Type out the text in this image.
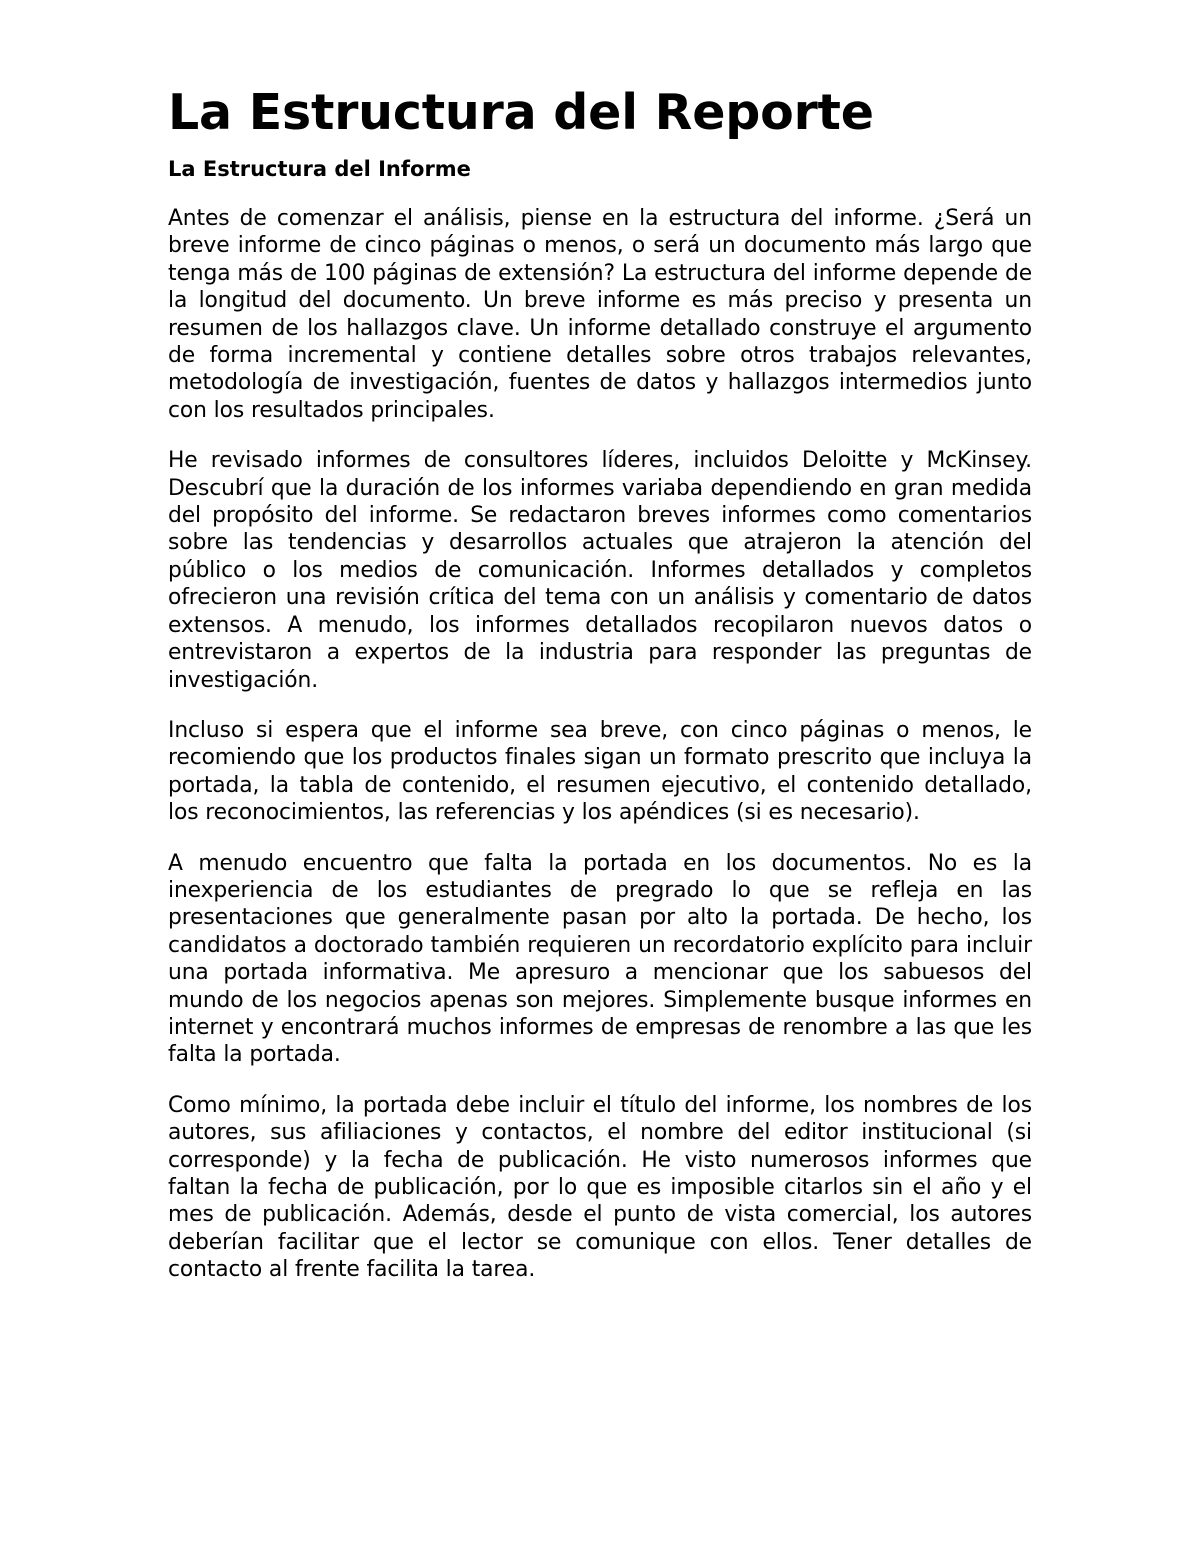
La Estructura del Reporte
La Estructura del Informe

Antes de comenzar el análisis, piense en la estructura del informe. ¿Será un breve informe de cinco páginas o menos, o será un documento más largo que tenga más de 100 páginas de extensión? La estructura del informe depende de la longitud del documento. Un breve informe es más preciso y presenta un resumen de los hallazgos clave. Un informe detallado construye el argumento de forma incremental y contiene detalles sobre otros trabajos relevantes, metodología de investigación, fuentes de datos y hallazgos intermedios junto con los resultados principales.

He revisado informes de consultores líderes, incluidos Deloitte y McKinsey. Descubrí que la duración de los informes variaba dependiendo en gran medida del propósito del informe. Se redactaron breves informes como comentarios sobre las tendencias y desarrollos actuales que atrajeron la atención del público o los medios de comunicación. Informes detallados y completos ofrecieron una revisión crítica del tema con un análisis y comentario de datos extensos. A menudo, los informes detallados recopilaron nuevos datos o entrevistaron a expertos de la industria para responder las preguntas de investigación.

Incluso si espera que el informe sea breve, con cinco páginas o menos, le recomiendo que los productos finales sigan un formato prescrito que incluya la portada, la tabla de contenido, el resumen ejecutivo, el contenido detallado, los reconocimientos, las referencias y los apéndices (si es necesario).

A menudo encuentro que falta la portada en los documentos. No es la inexperiencia de los estudiantes de pregrado lo que se refleja en las presentaciones que generalmente pasan por alto la portada. De hecho, los candidatos a doctorado también requieren un recordatorio explícito para incluir una portada informativa. Me apresuro a mencionar que los sabuesos del mundo de los negocios apenas son mejores. Simplemente busque informes en internet y encontrará muchos informes de empresas de renombre a las que les falta la portada.

Como mínimo, la portada debe incluir el título del informe, los nombres de los autores, sus afiliaciones y contactos, el nombre del editor institucional (si corresponde) y la fecha de publicación. He visto numerosos informes que faltan la fecha de publicación, por lo que es imposible citarlos sin el año y el mes de publicación. Además, desde el punto de vista comercial, los autores deberían facilitar que el lector se comunique con ellos. Tener detalles de contacto al frente facilita la tarea.
